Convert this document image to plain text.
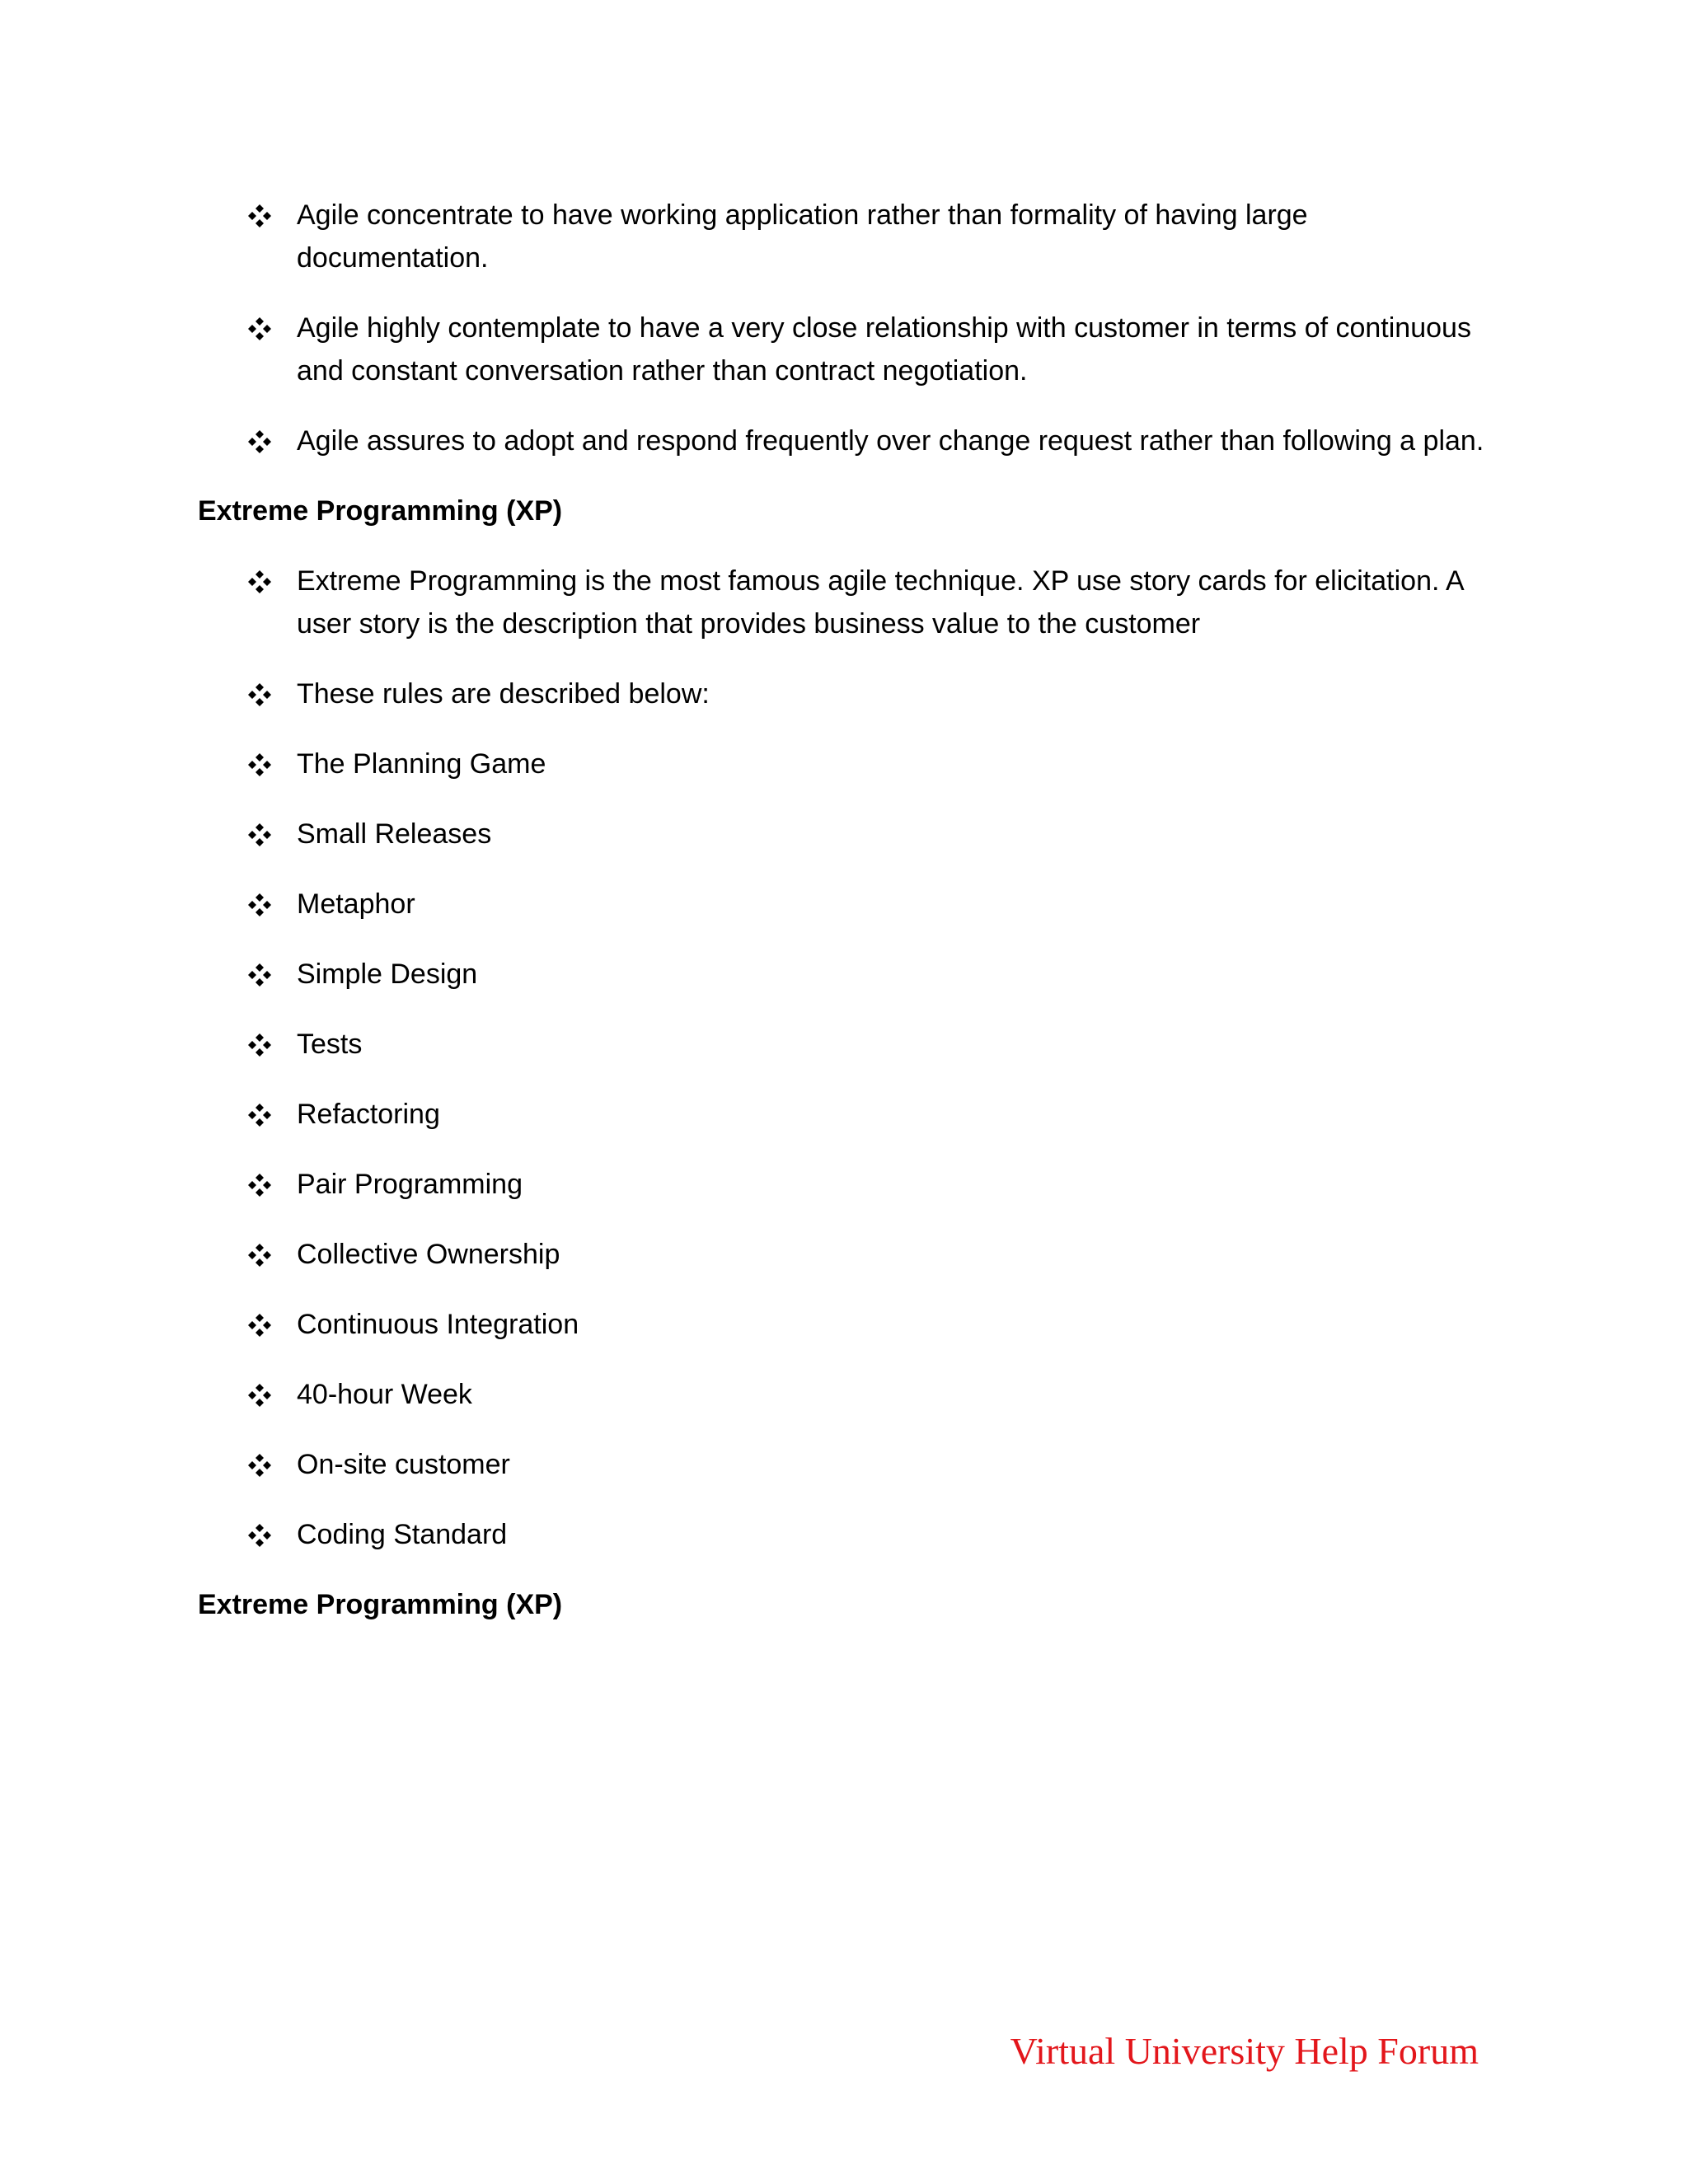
Agile concentrate to have working application rather than formality of having large documentation.
Agile highly contemplate to have a very close relationship with customer in terms of continuous and constant conversation rather than contract negotiation.
Agile assures to adopt and respond frequently over change request rather than following a plan.
Extreme Programming (XP)
Extreme Programming is the most famous agile technique. XP use story cards for elicitation. A user story is the description that provides business value to the customer
These rules are described below:
The Planning Game
Small Releases
Metaphor
Simple Design
Tests
Refactoring
Pair Programming
Collective Ownership
Continuous Integration
40-hour Week
On-site customer
Coding Standard
Extreme Programming (XP)
Virtual University Help Forum
